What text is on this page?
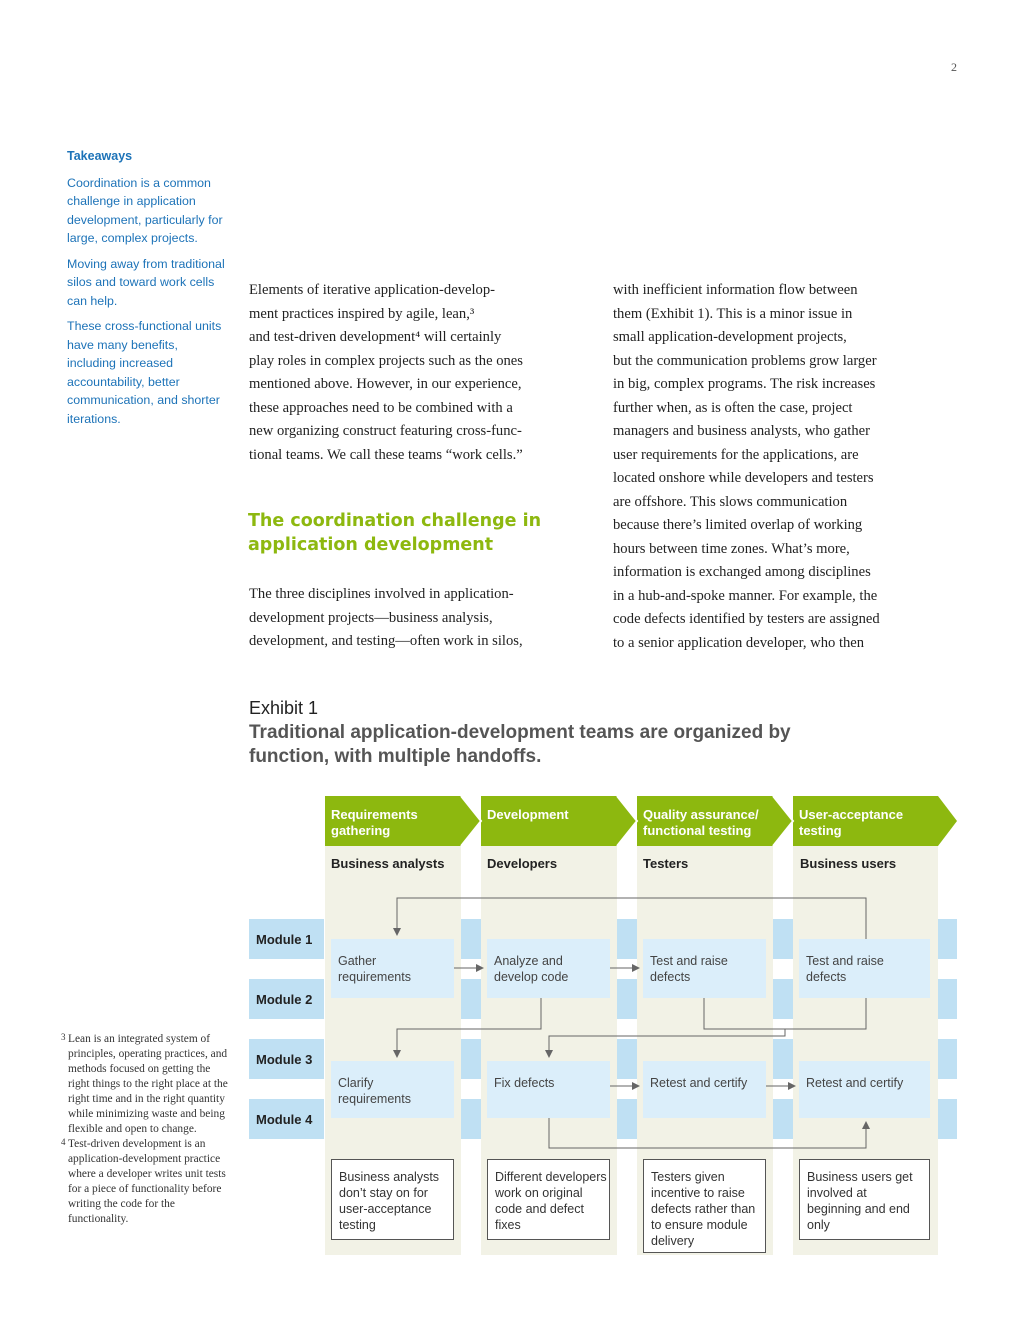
2
Takeaways
Coordination is a common challenge in application development, particularly for large, complex projects.
Moving away from traditional silos and toward work cells can help.
These cross-functional units have many benefits, including increased accountability, better communication, and shorter iterations.
Elements of iterative application-develop-
ment practices inspired by agile, lean,³
and test-driven development⁴ will certainly
play roles in complex projects such as the ones
mentioned above. However, in our experience,
these approaches need to be combined with a
new organizing construct featuring cross-func-
tional teams. We call these teams “work cells.”
The coordination challenge in application development
The three disciplines involved in application-
development projects—business analysis,
development, and testing—often work in silos,
with inefficient information flow between
them (Exhibit 1). This is a minor issue in
small application-development projects,
but the communication problems grow larger
in big, complex programs. The risk increases
further when, as is often the case, project
managers and business analysts, who gather
user requirements for the applications, are
located onshore while developers and testers
are offshore. This slows communication
because there’s limited overlap of working
hours between time zones. What’s more,
information is exchanged among disciplines
in a hub-and-spoke manner. For example, the
code defects identified by testers are assigned
to a senior application developer, who then
Exhibit 1
Traditional application-development teams are organized by function, with multiple handoffs.
Module 1
Module 2
Module 3
Module 4
Requirements gathering
Development	Quality assurance/ functional testing
User-acceptance testing
Business analysts	Developers	Testers	Business users
Gather requirements
Analyze and develop code
Test and raise defects
Test and raise defects
Clarify requirements
Fix defects	Retest and certify	Retest and certify
Business analysts don’t stay on for user-acceptance testing
Different developers work on original code and defect fixes
Testers given incentive to raise defects rather than to ensure module delivery
Business users get involved at beginning and end only
3 Lean is an integrated system of principles, operating practices, and methods focused on getting the right things to the right place at the right time and in the right quantity while minimizing waste and being flexible and open to change.
4 Test-driven development is an application-development practice where a developer writes unit tests for a piece of functionality before writing the code for the functionality.
